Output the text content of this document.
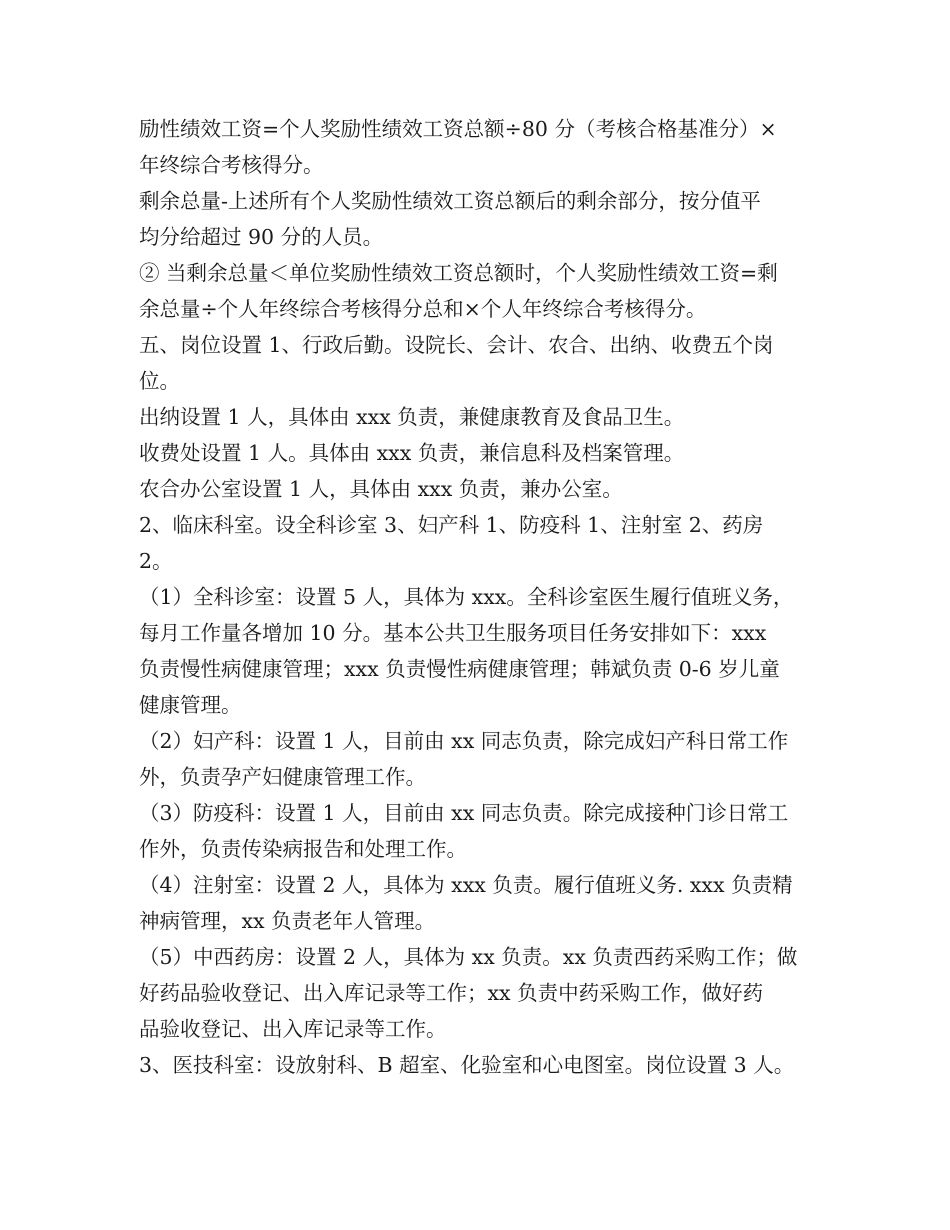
励性绩效工资=个人奖励性绩效工资总额÷80 分（考核合格基准分）×
年终综合考核得分。
剩余总量-上述所有个人奖励性绩效工资总额后的剩余部分，按分值平
均分给超过 90 分的人员。
② 当剩余总量＜单位奖励性绩效工资总额时，个人奖励性绩效工资=剩
余总量÷个人年终综合考核得分总和×个人年终综合考核得分。
五、岗位设置 1、行政后勤。设院长、会计、农合、出纳、收费五个岗
位。
出纳设置 1 人，具体由 xxx 负责，兼健康教育及食品卫生。
收费处设置 1 人。具体由 xxx 负责，兼信息科及档案管理。
农合办公室设置 1 人，具体由 xxx 负责，兼办公室。
2、临床科室。设全科诊室 3、妇产科 1、防疫科 1、注射室 2、药房
2。
（1）全科诊室：设置 5 人，具体为 xxx。全科诊室医生履行值班义务，
每月工作量各增加 10 分。基本公共卫生服务项目任务安排如下：xxx
负责慢性病健康管理；xxx 负责慢性病健康管理；韩斌负责 0-6 岁儿童
健康管理。
（2）妇产科：设置 1 人，目前由 xx 同志负责，除完成妇产科日常工作
外，负责孕产妇健康管理工作。
（3）防疫科：设置 1 人，目前由 xx 同志负责。除完成接种门诊日常工
作外，负责传染病报告和处理工作。
（4）注射室：设置 2 人，具体为 xxx 负责。履行值班义务. xxx 负责精
神病管理，xx 负责老年人管理。
（5）中西药房：设置 2 人，具体为 xx 负责。xx 负责西药采购工作；做
好药品验收登记、出入库记录等工作；xx 负责中药采购工作，做好药
品验收登记、出入库记录等工作。
3、医技科室：设放射科、B 超室、化验室和心电图室。岗位设置 3 人。
